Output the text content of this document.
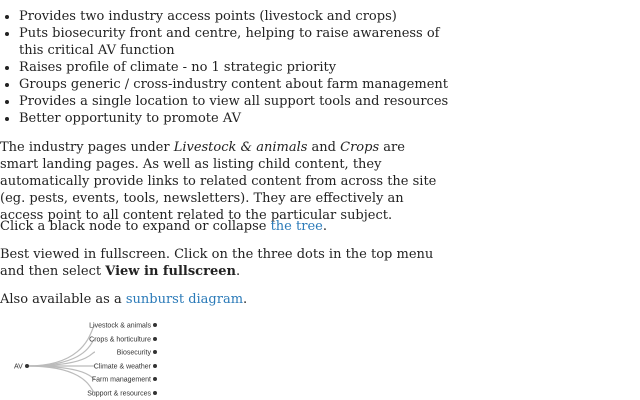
• Provides two industry access points (livestock and crops)
• Puts biosecurity front and centre, helping to raise awareness of this critical AV function
• Raises profile of climate - no 1 strategic priority
• Groups generic / cross-industry content about farm management
• Provides a single location to view all support tools and resources
• Better opportunity to promote AV

The industry pages under Livestock & animals and Crops are smart landing pages. As well as listing child content, they automatically provide links to related content from across the site (eg. pests, events, tools, newsletters). They are effectively an access point to all content related to the particular subject.

Click a black node to expand or collapse the tree.

Best viewed in fullscreen. Click on the three dots in the top menu and then select View in fullscreen.

Also available as a sunburst diagram.

AV
Livestock & animals
Crops & horticulture
Biosecurity
Climate & weather
Farm management
Support & resources
